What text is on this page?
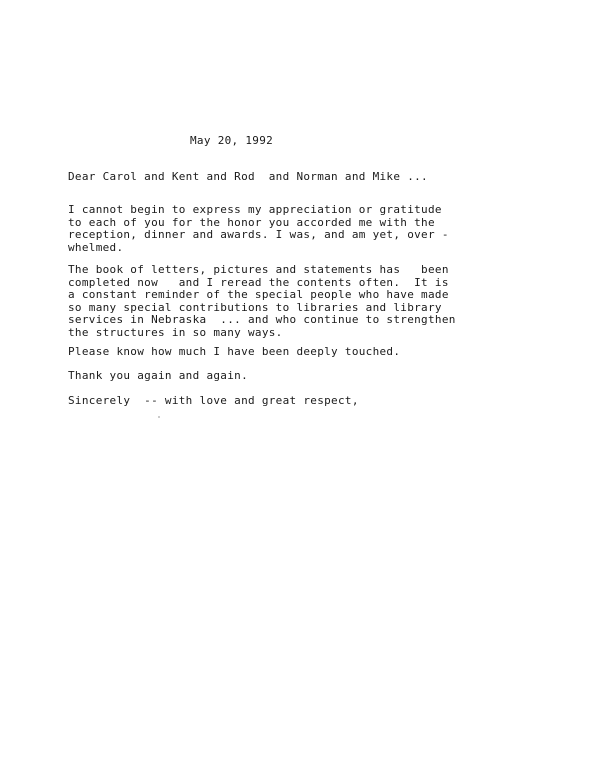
May 20, 1992
Dear Carol and Kent and Rod  and Norman and Mike ...

I cannot begin to express my appreciation or gratitude
to each of you for the honor you accorded me with the
reception, dinner and awards. I was, and am yet, over -
whelmed.

The book of letters, pictures and statements has   been
completed now   and I reread the contents often.  It is
a constant reminder of the special people who have made
so many special contributions to libraries and library
services in Nebraska  ... and who continue to strengthen
the structures in so many ways.

Please know how much I have been deeply touched.

Thank you again and again.

Sincerely  -- with love and great respect,
